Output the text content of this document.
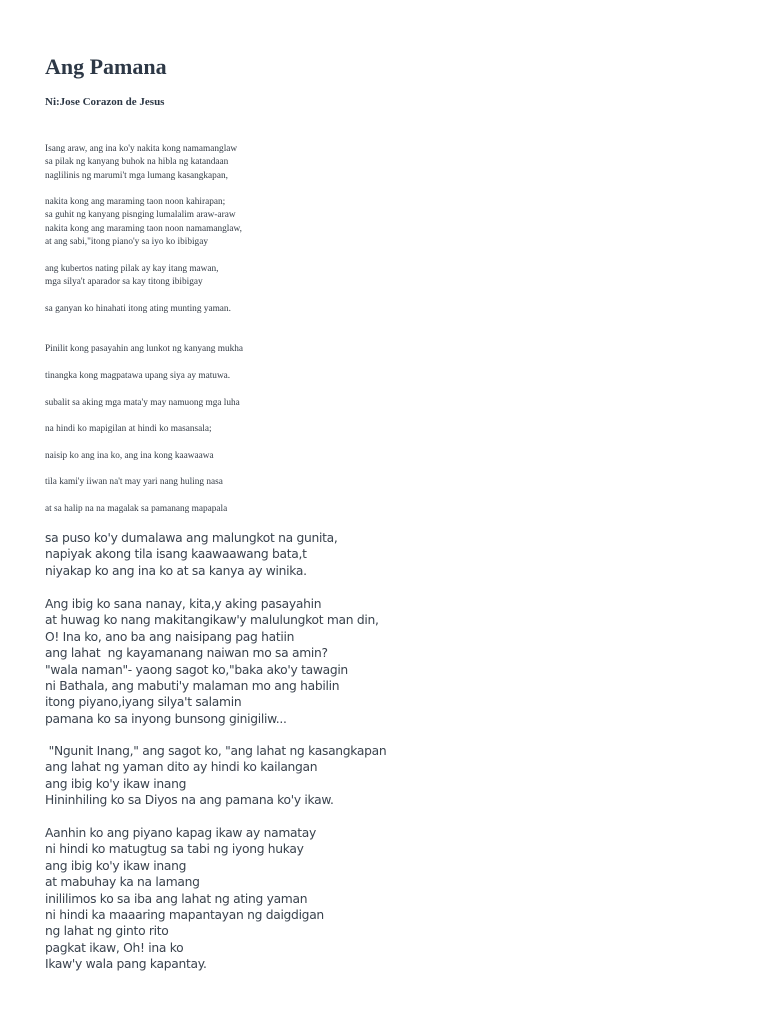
Ang Pamana
Ni:Jose Corazon de Jesus
Isang araw, ang ina ko'y nakita kong namamanglaw
sa pilak ng kanyang buhok na hibla ng katandaan
naglilinis ng marumi't mga lumang kasangkapan,
nakita kong ang maraming taon noon kahirapan;
sa guhit ng kanyang pisnging lumalalim araw-araw
nakita kong ang maraming taon noon namamanglaw,
at ang sabi,"itong piano'y sa iyo ko ibibigay
ang kubertos nating pilak ay kay itang mawan,
mga silya't aparador sa kay titong ibibigay
sa ganyan ko hinahati itong ating munting yaman.
Pinilit kong pasayahin ang lunkot ng kanyang mukha
tinangka kong magpatawa upang siya ay matuwa.
subalit sa aking mga mata'y may namuong mga luha
na hindi ko mapigilan at hindi ko masansala;
naisip ko ang ina ko, ang ina kong kaawaawa
tila kami'y iiwan na't may yari nang huling nasa
at sa halip na na magalak sa pamanang mapapala
sa puso ko'y dumalawa ang malungkot na gunita,
napiyak akong tila isang kaawaawang bata,t
niyakap ko ang ina ko at sa kanya ay winika.
Ang ibig ko sana nanay, kita,y aking pasayahin
at huwag ko nang makitangikaw'y malulungkot man din,
O! Ina ko, ano ba ang naisipang pag hatiin
ang lahat  ng kayamanang naiwan mo sa amin?
"wala naman"- yaong sagot ko,"baka ako'y tawagin
ni Bathala, ang mabuti'y malaman mo ang habilin
itong piyano,iyang silya't salamin
pamana ko sa inyong bunsong ginigiliw...
"Ngunit Inang," ang sagot ko, "ang lahat ng kasangkapan
ang lahat ng yaman dito ay hindi ko kailangan
ang ibig ko'y ikaw inang
Hininhiling ko sa Diyos na ang pamana ko'y ikaw.
Aanhin ko ang piyano kapag ikaw ay namatay
ni hindi ko matugtug sa tabi ng iyong hukay
ang ibig ko'y ikaw inang
at mabuhay ka na lamang
inililimos ko sa iba ang lahat ng ating yaman
ni hindi ka maaaring mapantayan ng daigdigan
ng lahat ng ginto rito
pagkat ikaw, Oh! ina ko
Ikaw'y wala pang kapantay.
